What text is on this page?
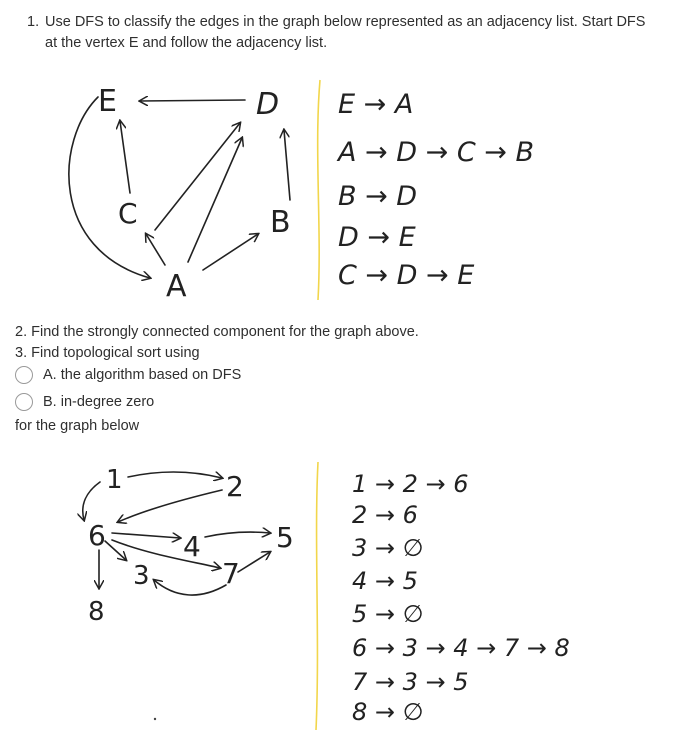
1. Use DFS to classify the edges in the graph below represented as an adjacency list. Start DFS at the vertex E and follow the adjacency list.
E	D
C	B
A
E → A
A → D → C → B
B → D
D → E
C → D → E
1	2
6	4	5
3	7
8
1 → 2 → 6
2 → 6
3 → ∅
4 → 5
5 → ∅
6 → 3 → 4 → 7 → 8
7 → 3 → 5
8 → ∅
2. Find the strongly connected component for the graph above.
3. Find topological sort using
A. the algorithm based on DFS
B. in-degree zero
for the graph below
